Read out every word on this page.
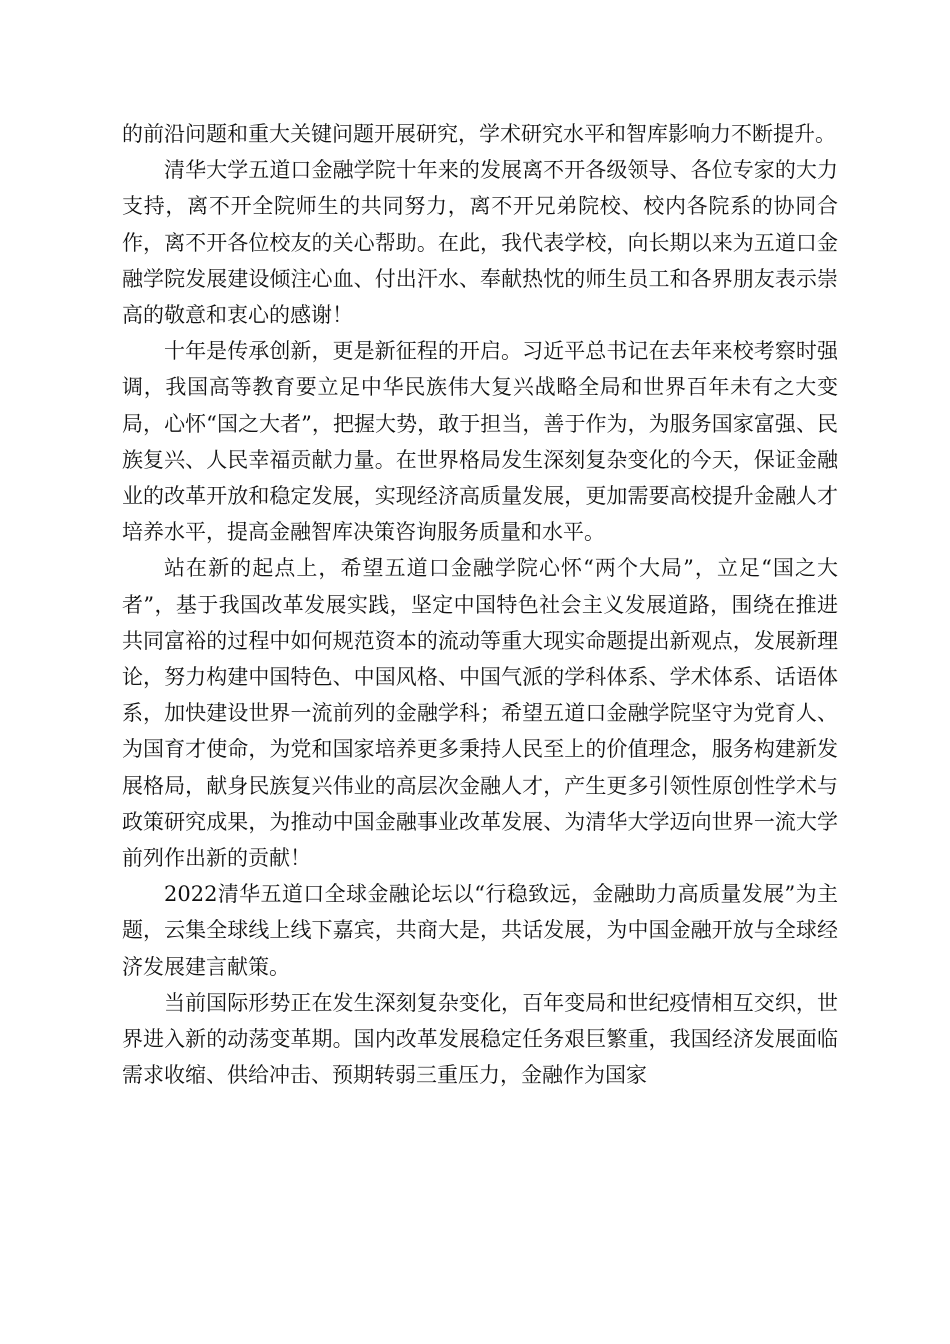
的前沿问题和重大关键问题开展研究，学术研究水平和智库影响力不断提升。

清华大学五道口金融学院十年来的发展离不开各级领导、各位专家的大力支持，离不开全院师生的共同努力，离不开兄弟院校、校内各院系的协同合作，离不开各位校友的关心帮助。在此，我代表学校，向长期以来为五道口金融学院发展建设倾注心血、付出汗水、奉献热忱的师生员工和各界朋友表示崇高的敬意和衷心的感谢！

十年是传承创新，更是新征程的开启。习近平总书记在去年来校考察时强调，我国高等教育要立足中华民族伟大复兴战略全局和世界百年未有之大变局，心怀“国之大者”，把握大势，敢于担当，善于作为，为服务国家富强、民族复兴、人民幸福贡献力量。在世界格局发生深刻复杂变化的今天，保证金融业的改革开放和稳定发展，实现经济高质量发展，更加需要高校提升金融人才培养水平，提高金融智库决策咨询服务质量和水平。

站在新的起点上，希望五道口金融学院心怀“两个大局”，立足“国之大者”，基于我国改革发展实践，坚定中国特色社会主义发展道路，围绕在推进共同富裕的过程中如何规范资本的流动等重大现实命题提出新观点，发展新理论，努力构建中国特色、中国风格、中国气派的学科体系、学术体系、话语体系，加快建设世界一流前列的金融学科；希望五道口金融学院坚守为党育人、为国育才使命，为党和国家培养更多秉持人民至上的价值理念，服务构建新发展格局，献身民族复兴伟业的高层次金融人才，产生更多引领性原创性学术与政策研究成果，为推动中国金融事业改革发展、为清华大学迈向世界一流大学前列作出新的贡献！

2022清华五道口全球金融论坛以“行稳致远，金融助力高质量发展”为主题，云集全球线上线下嘉宾，共商大是，共话发展，为中国金融开放与全球经济发展建言献策。

当前国际形势正在发生深刻复杂变化，百年变局和世纪疫情相互交织，世界进入新的动荡变革期。国内改革发展稳定任务艰巨繁重，我国经济发展面临需求收缩、供给冲击、预期转弱三重压力，金融作为国家
